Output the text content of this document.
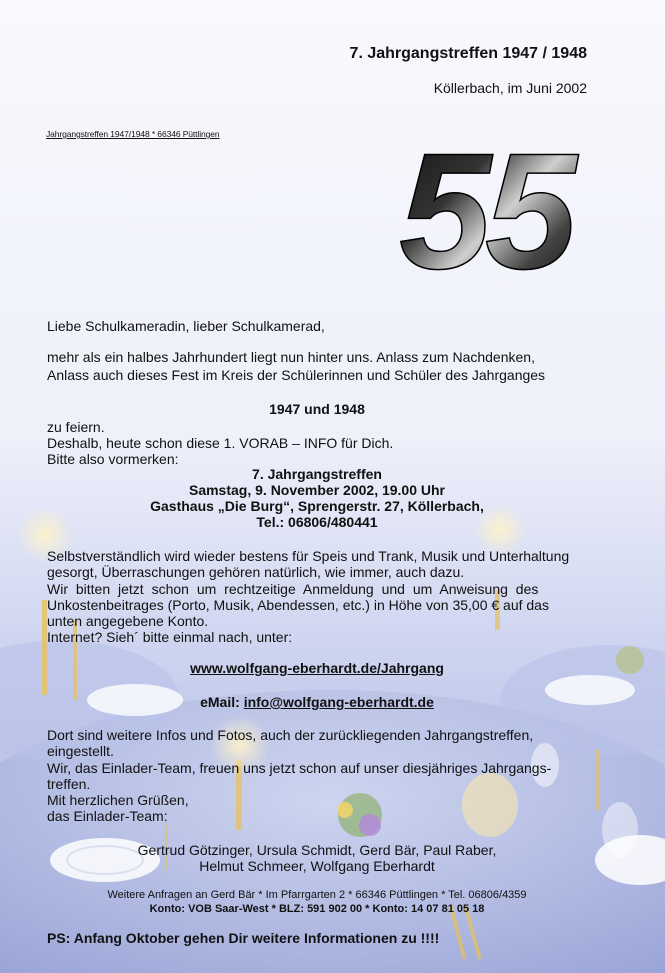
7. Jahrgangstreffen 1947 / 1948
Köllerbach, im Juni 2002
Jahrgangstreffen 1947/1948 * 66346 Püttlingen 55

Liebe Schulkameradin, lieber Schulkamerad,

mehr als ein halbes Jahrhundert liegt nun hinter uns. Anlass zum Nachdenken,

Anlass auch dieses Fest im Kreis der Schülerinnen und Schüler des Jahrganges

1947 und 1948

zu feiern.

Deshalb, heute schon diese 1. VORAB – INFO für Dich.

Bitte also vormerken:

7. Jahrgangstreffen

Samstag, 9. November 2002, 19.00 Uhr

Gasthaus „Die Burg“, Sprengerstr. 27, Köllerbach,

Tel.: 06806/480441

Selbstverständlich wird wieder bestens für Speis und Trank, Musik und Unterhaltung

gesorgt, Überraschungen gehören natürlich, wie immer, auch dazu.

Wir bitten jetzt schon um rechtzeitige Anmeldung und um Anweisung des

Unkostenbeitrages (Porto, Musik, Abendessen, etc.) in Höhe von 35,00 € auf das

unten angegebene Konto.

Internet? Sieh´ bitte einmal nach, unter:

www.wolfgang-eberhardt.de/Jahrgang

eMail: info@wolfgang-eberhardt.de

Dort sind weitere Infos und Fotos, auch der zurückliegenden Jahrgangstreffen,

eingestellt.

Wir, das Einlader-Team, freuen uns jetzt schon auf unser diesjähriges Jahrgangs-

treffen.

Mit herzlichen Grüßen,

das Einlader-Team:

Gertrud Götzinger, Ursula Schmidt, Gerd Bär, Paul Raber,

Helmut Schmeer, Wolfgang Eberhardt

Weitere Anfragen an Gerd Bär * Im Pfarrgarten 2 * 66346 Püttlingen * Tel. 06806/4359

Konto: VOB Saar-West * BLZ: 591 902 00 * Konto: 14 07 81 05 18

PS: Anfang Oktober gehen Dir weitere Informationen zu !!!!
